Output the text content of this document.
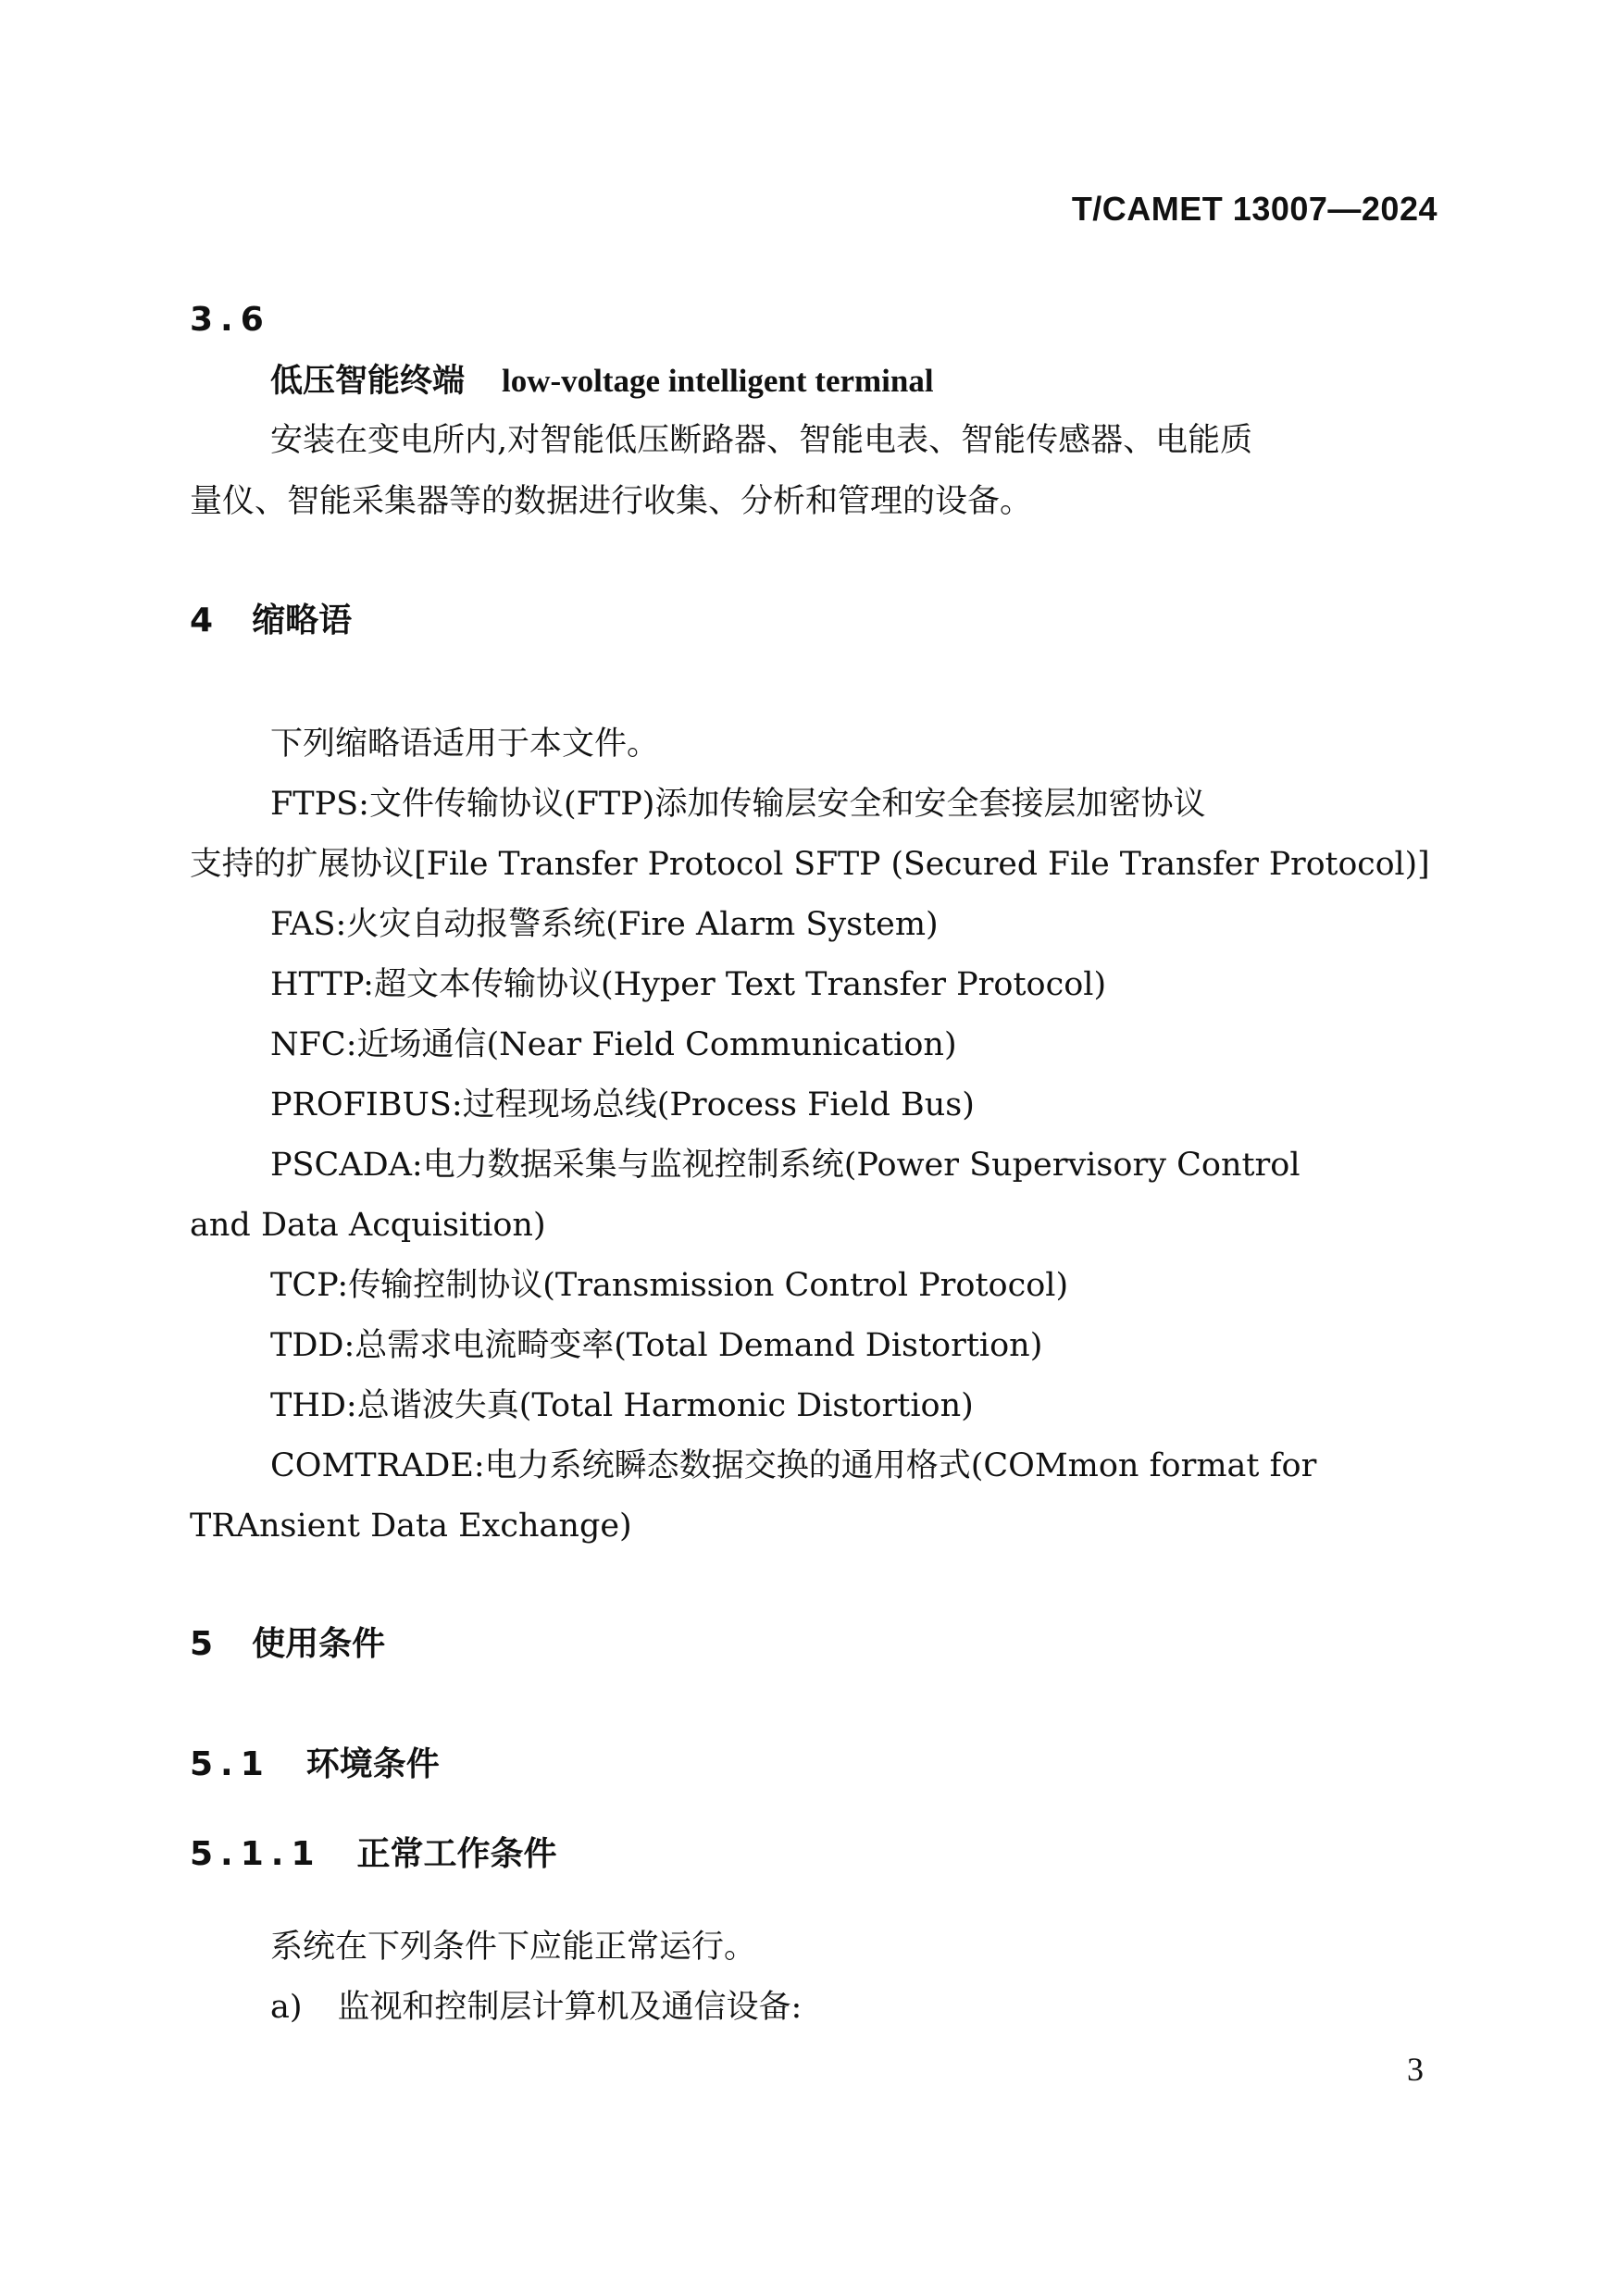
T/CAMET 13007—2024
3.6
低压智能终端 low-voltage intelligent terminal
安装在变电所内,对智能低压断路器、智能电表、智能传感器、电能质
量仪、智能采集器等的数据进行收集、分析和管理的设备。
4 缩略语
下列缩略语适用于本文件。
FTPS:文件传输协议(FTP)添加传输层安全和安全套接层加密协议
支持的扩展协议[File Transfer Protocol SFTP (Secured File Transfer Protocol)]
FAS:火灾自动报警系统(Fire Alarm System)
HTTP:超文本传输协议(Hyper Text Transfer Protocol)
NFC:近场通信(Near Field Communication)
PROFIBUS:过程现场总线(Process Field Bus)
PSCADA:电力数据采集与监视控制系统(Power Supervisory Control
and Data Acquisition)
TCP:传输控制协议(Transmission Control Protocol)
TDD:总需求电流畸变率(Total Demand Distortion)
THD:总谐波失真(Total Harmonic Distortion)
COMTRADE:电力系统瞬态数据交换的通用格式(COMmon format for
TRAnsient Data Exchange)
5 使用条件
5.1 环境条件
5.1.1 正常工作条件
系统在下列条件下应能正常运行。
a) 监视和控制层计算机及通信设备:
3
